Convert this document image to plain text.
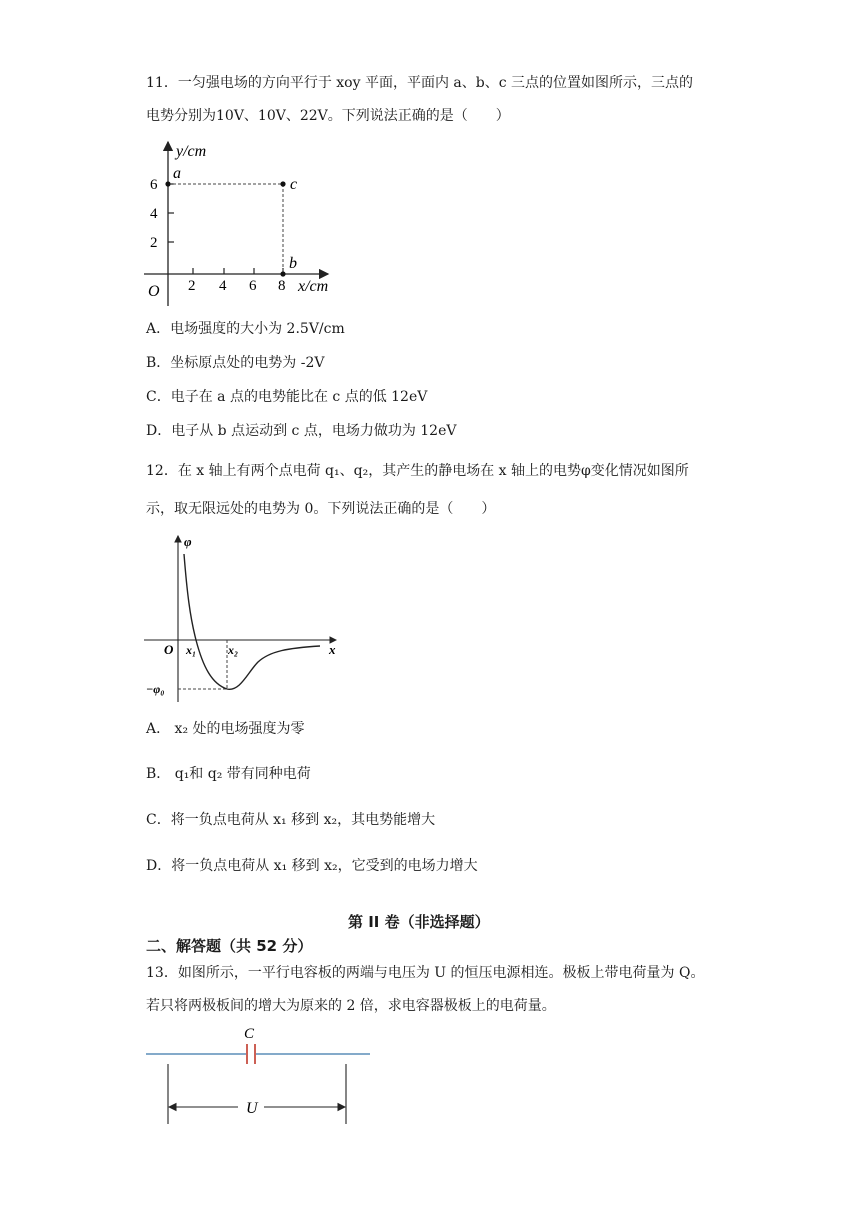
11．一匀强电场的方向平行于 xoy 平面，平面内 a、b、c 三点的位置如图所示，三点的
电势分别为10V、10V、22V。下列说法正确的是（　　）
y/cm
x/cm
O 2 4 6 8
2
4
6
a
c
b
A．电场强度的大小为 2.5V/cm
B．坐标原点处的电势为 -2V
C．电子在 a 点的电势能比在 c 点的低 12eV
D．电子从 b 点运动到 c 点，电场力做功为 12eV
12．在 x 轴上有两个点电荷 q₁、q₂，其产生的静电场在 x 轴上的电势φ变化情况如图所
示，取无限远处的电势为 0。下列说法正确的是（　　）
φ
x
O x₁	x₂
−φ₀
A． x₂ 处的电场强度为零
B． q₁和 q₂ 带有同种电荷
C．将一负点电荷从 x₁ 移到 x₂，其电势能增大
D．将一负点电荷从 x₁ 移到 x₂，它受到的电场力增大
第 II 卷（非选择题）
二、解答题（共 52 分）
13．如图所示，一平行电容板的两端与电压为 U 的恒压电源相连。极板上带电荷量为 Q。
若只将两极板间的增大为原来的 2 倍，求电容器极板上的电荷量。
C
U
